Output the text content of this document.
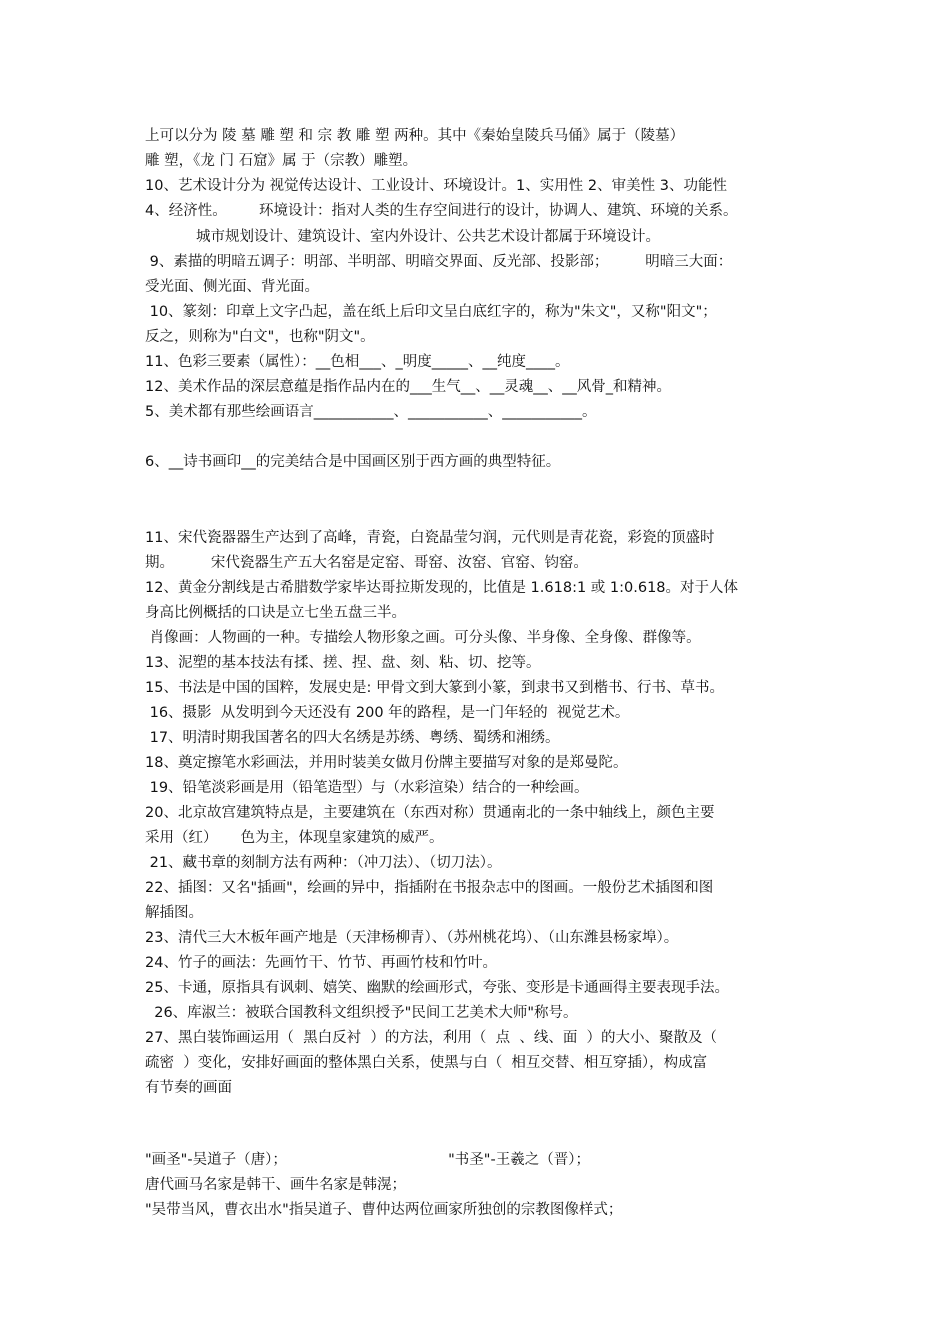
上可以分为 陵 墓 雕 塑 和 宗 教 雕 塑 两种。其中《秦始皇陵兵马俑》属于（陵墓）
雕 塑，《龙 门 石窟》属 于（宗教）雕塑。
10、艺术设计分为 视觉传达设计、工业设计、环境设计。1、实用性 2、审美性 3、功能性
4、经济性。       环境设计：指对人类的生存空间进行的设计，协调人、建筑、环境的关系。
城市规划设计、建筑设计、室内外设计、公共艺术设计都属于环境设计。
9、素描的明暗五调子：明部、半明部、明暗交界面、反光部、投影部；        明暗三大面：
受光面、侧光面、背光面。
10、篆刻：印章上文字凸起，盖在纸上后印文呈白底红字的，称为"朱文"，又称"阳文"；
反之，则称为"白文"，也称"阴文"。
11、色彩三要素（属性）：__色相___、_明度_____、__纯度____。
12、美术作品的深层意蕴是指作品内在的___生气__、__灵魂__、__风骨_和精神。
5、美术都有那些绘画语言___________、___________、___________。
6、__诗书画印__的完美结合是中国画区别于西方画的典型特征。
11、宋代瓷器器生产达到了高峰，青瓷，白瓷晶莹匀润，元代则是青花瓷，彩瓷的顶盛时
期。        宋代瓷器生产五大名窑是定窑、哥窑、汝窑、官窑、钧窑。
12、黄金分割线是古希腊数学家毕达哥拉斯发现的，比值是 1.618:1 或 1:0.618。对于人体
身高比例概括的口诀是立七坐五盘三半。
肖像画：人物画的一种。专描绘人物形象之画。可分头像、半身像、全身像、群像等。
13、泥塑的基本技法有揉、搓、捏、盘、刻、粘、切、挖等。
15、书法是中国的国粹，发展史是: 甲骨文到大篆到小篆，到隶书又到楷书、行书、草书。
16、摄影  从发明到今天还没有 200 年的路程，是一门年轻的  视觉艺术。
17、明清时期我国著名的四大名绣是苏绣、粤绣、蜀绣和湘绣。
18、奠定擦笔水彩画法，并用时装美女做月份牌主要描写对象的是郑曼陀。
19、铅笔淡彩画是用（铅笔造型）与（水彩渲染）结合的一种绘画。
20、北京故宫建筑特点是，主要建筑在（东西对称）贯通南北的一条中轴线上，颜色主要
采用（红）     色为主，体现皇家建筑的威严。
21、藏书章的刻制方法有两种：（冲刀法）、（切刀法）。
22、插图：又名"插画"，绘画的异中，指插附在书报杂志中的图画。一般份艺术插图和图
解插图。
23、清代三大木板年画产地是（天津杨柳青）、（苏州桃花坞）、（山东潍县杨家埠）。
24、竹子的画法：先画竹干、竹节、再画竹枝和竹叶。
25、卡通，原指具有讽刺、嬉笑、幽默的绘画形式，夸张、变形是卡通画得主要表现手法。
26、库淑兰：被联合国教科文组织授予"民间工艺美术大师"称号。
27、黑白装饰画运用（  黑白反衬  ）的方法，利用（  点  、线、面  ）的大小、聚散及（
疏密  ）变化，安排好画面的整体黑白关系，使黑与白（  相互交替、相互穿插），构成富
有节奏的画面
"画圣"-吴道子（唐）；                                   "书圣"-王羲之（晋）；
唐代画马名家是韩干、画牛名家是韩滉；
"吴带当风，曹衣出水"指吴道子、曹仲达两位画家所独创的宗教图像样式；
